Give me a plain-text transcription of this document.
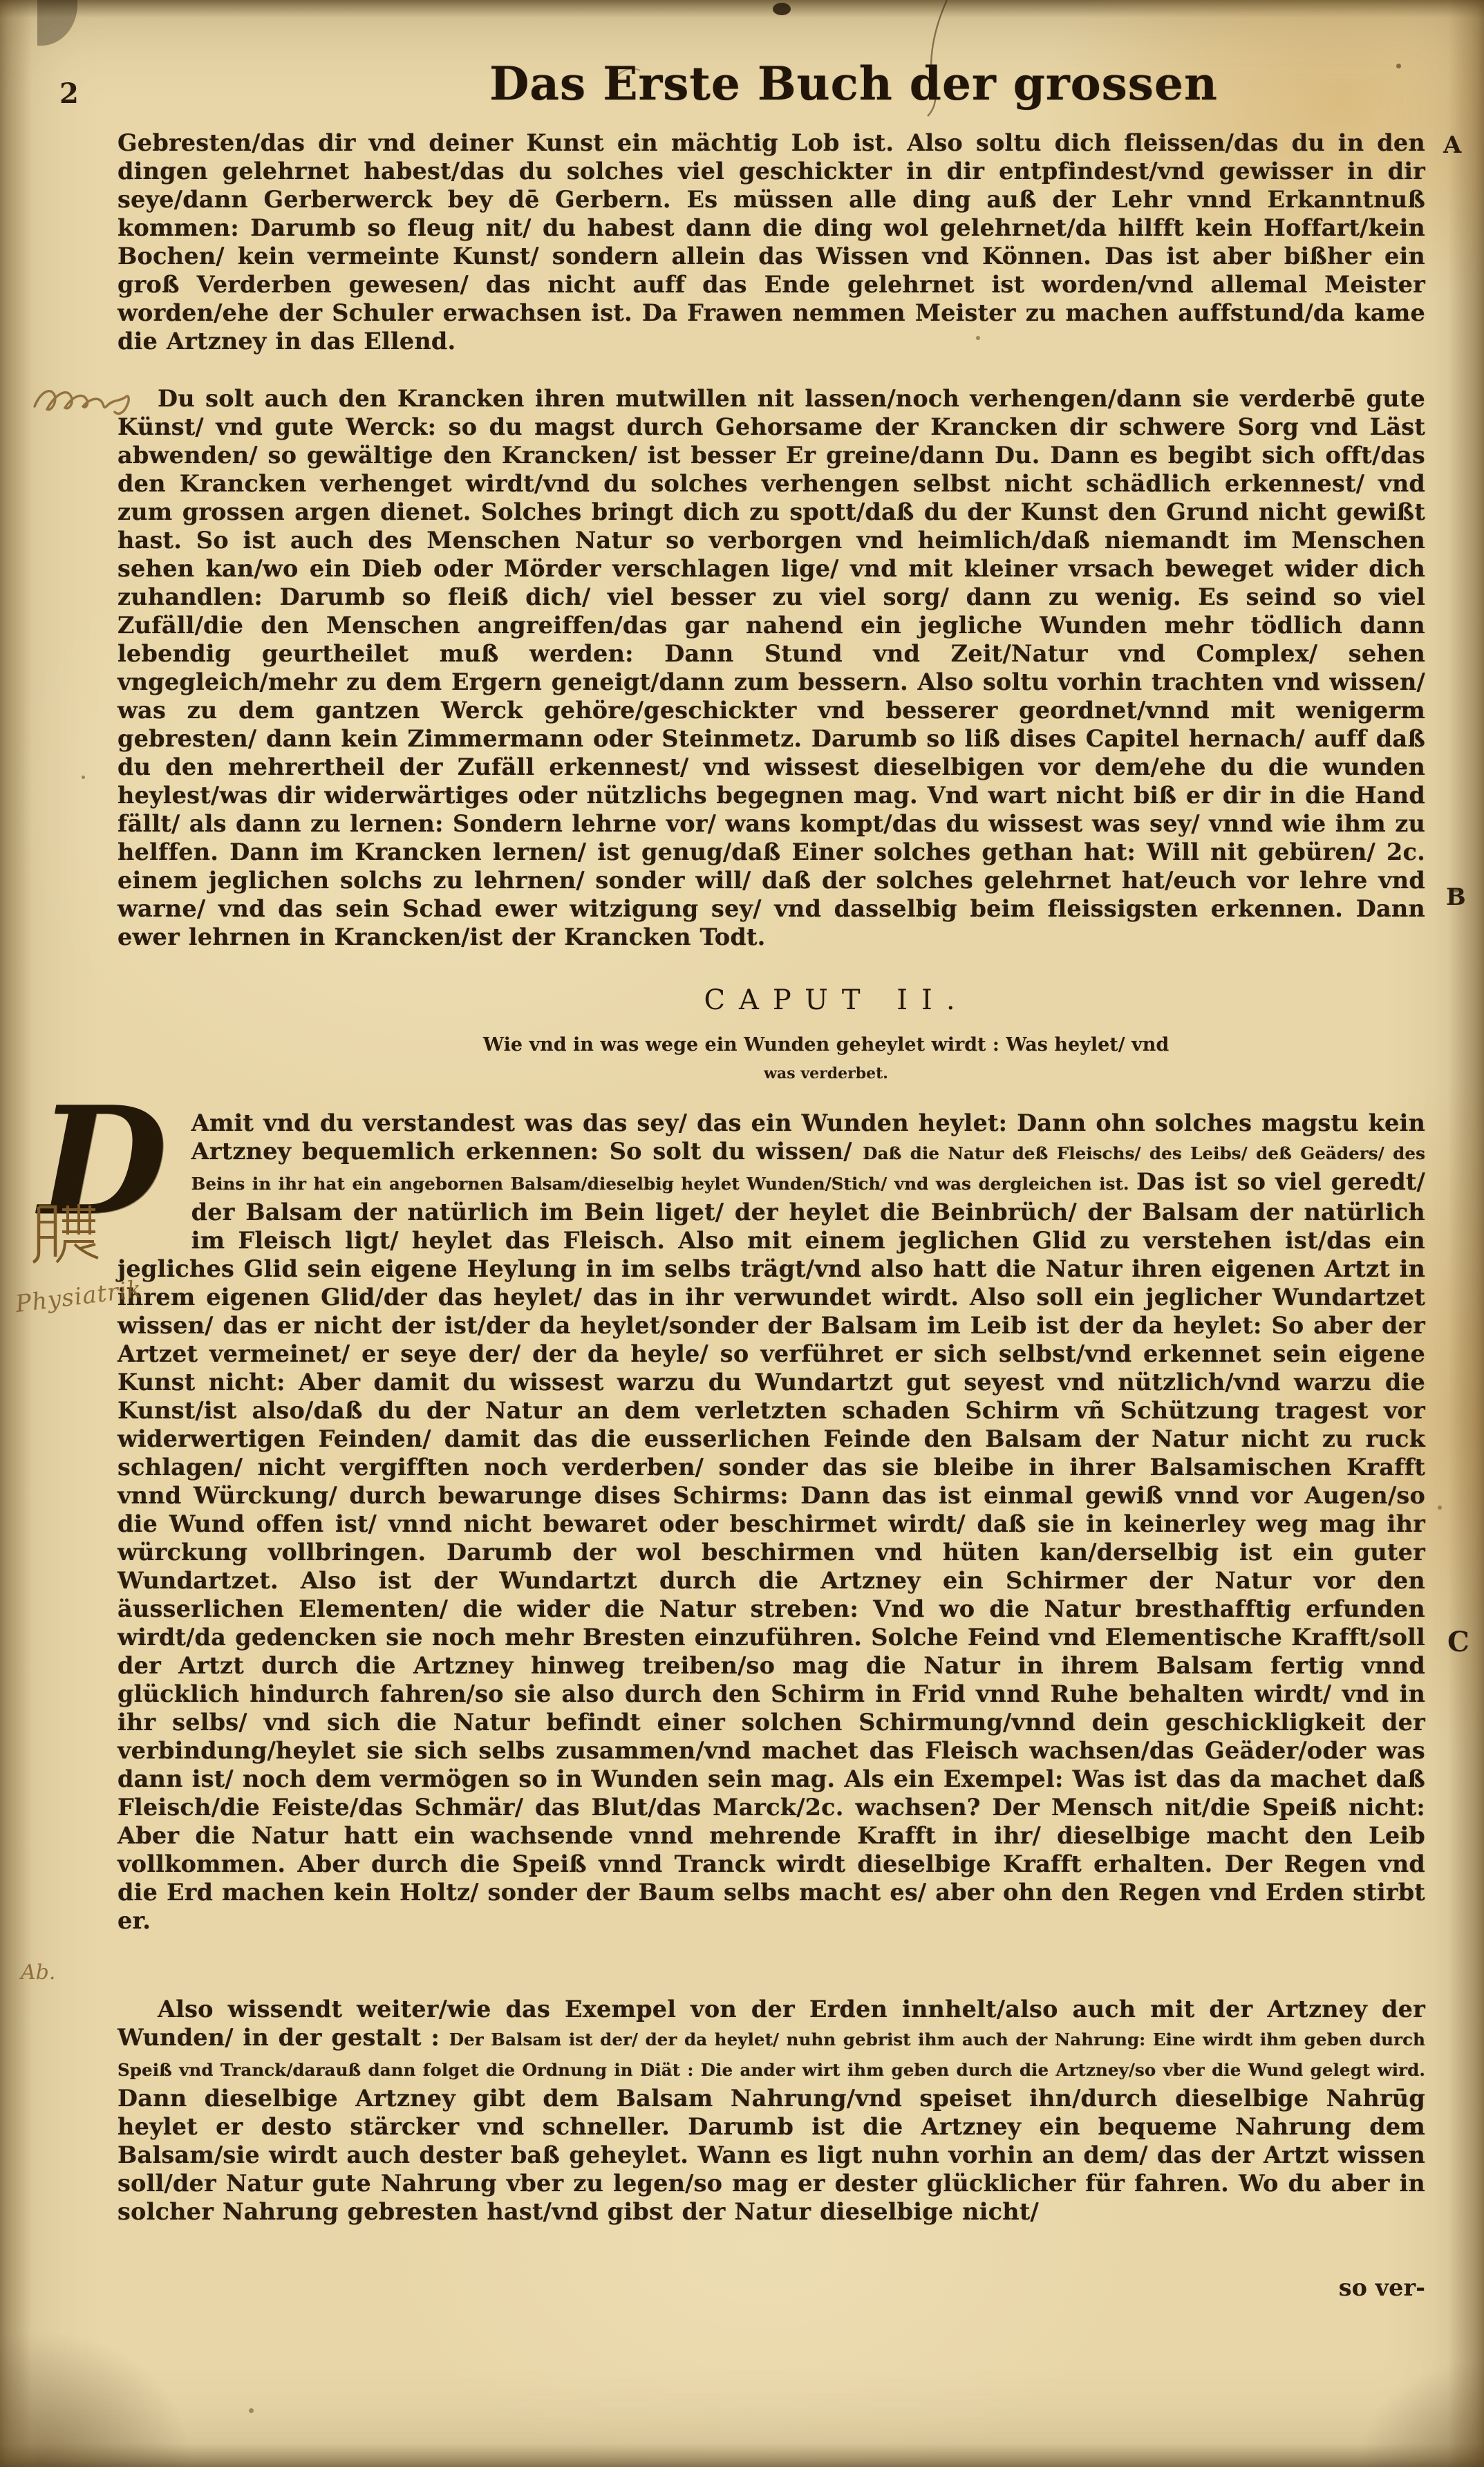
2	Das Erste Buch der grossen
Gebresten/das dir vnd deiner Kunst ein mächtig Lob ist. Also soltu dich fleissen/das du in den dingen gelehrnet habest/das du solches viel geschickter in dir entpfindest/vnd gewisser in dir seye/dann Gerberwerck bey dē Gerbern. Es müssen alle ding auß der Lehr vnnd Erkanntnuß kommen: Darumb so fleug nit/ du habest dann die ding wol gelehrnet/da hilfft kein Hoffart/kein Bochen/ kein vermeinte Kunst/ sondern allein das Wissen vnd Können. Das ist aber bißher ein groß Verderben gewesen/ das nicht auff das Ende gelehrnet ist worden/vnd allemal Meister worden/ehe der Schuler erwachsen ist. Da Frawen nemmen Meister zu machen auffstund/da kame die Artzney in das Ellend.
Du solt auch den Krancken ihren mutwillen nit lassen/noch verhengen/dann sie verderbē gute Künst/ vnd gute Werck: so du magst durch Gehorsame der Krancken dir schwere Sorg vnd Läst abwenden/ so gewältige den Krancken/ ist besser Er greine/dann Du. Dann es begibt sich offt/das den Krancken verhenget wirdt/vnd du solches verhengen selbst nicht schädlich erkennest/ vnd zum grossen argen dienet. Solches bringt dich zu spott/daß du der Kunst den Grund nicht gewißt hast. So ist auch des Menschen Natur so verborgen vnd heimlich/daß niemandt im Menschen sehen kan/wo ein Dieb oder Mörder verschlagen lige/ vnd mit kleiner vrsach beweget wider dich zuhandlen: Darumb so fleiß dich/ viel besser zu viel sorg/ dann zu wenig. Es seind so viel Zufäll/die den Menschen angreiffen/das gar nahend ein jegliche Wunden mehr tödlich dann lebendig geurtheilet muß werden: Dann Stund vnd Zeit/Natur vnd Complex/ sehen vngegleich/mehr zu dem Ergern geneigt/dann zum bessern. Also soltu vorhin trachten vnd wissen/ was zu dem gantzen Werck gehöre/geschickter vnd besserer geordnet/vnnd mit wenigerm gebresten/ dann kein Zimmermann oder Steinmetz. Darumb so liß dises Capitel hernach/ auff daß du den mehrertheil der Zufäll erkennest/ vnd wissest dieselbigen vor dem/ehe du die wunden heylest/was dir widerwärtiges oder nützlichs begegnen mag. Vnd wart nicht biß er dir in die Hand fällt/ als dann zu lernen: Sondern lehrne vor/ wans kompt/das du wissest was sey/ vnnd wie ihm zu helffen. Dann im Krancken lernen/ ist genug/daß Einer solches gethan hat: Will nit gebüren/ 2c. einem jeglichen solchs zu lehrnen/ sonder will/ daß der solches gelehrnet hat/euch vor lehre vnd warne/ vnd das sein Schad ewer witzigung sey/ vnd dasselbig beim fleissigsten erkennen. Dann ewer lehrnen in Krancken/ist der Krancken Todt.
CAPUT II.
Wie vnd in was wege ein Wunden geheylet wirdt : Was heylet/ vnd
was verderbet.
D Amit vnd du verstandest was das sey/ das ein Wunden heylet: Dann ohn solches magstu kein Artzney bequemlich erkennen: So solt du wissen/ Daß die Natur deß Fleischs/ des Leibs/ deß Geäders/ des Beins in ihr hat ein angebornen Balsam/dieselbig heylet Wunden/Stich/ vnd was dergleichen ist. Das ist so viel geredt/ der Balsam der natürlich im Bein liget/ der heylet die Beinbrüch/ der Balsam der natürlich im Fleisch ligt/ heylet das Fleisch. Also mit einem jeglichen Glid zu verstehen ist/das ein jegliches Glid sein eigene Heylung in im selbs trägt/vnd also hatt die Natur ihren eigenen Artzt in ihrem eigenen Glid/der das heylet/ das in ihr verwundet wirdt. Also soll ein jeglicher Wundartzet wissen/ das er nicht der ist/der da heylet/sonder der Balsam im Leib ist der da heylet: So aber der Artzet vermeinet/ er seye der/ der da heyle/ so verführet er sich selbst/vnd erkennet sein eigene Kunst nicht: Aber damit du wissest warzu du Wundartzt gut seyest vnd nützlich/vnd warzu die Kunst/ist also/daß du der Natur an dem verletzten schaden Schirm vñ Schützung tragest vor widerwertigen Feinden/ damit das die eusserlichen Feinde den Balsam der Natur nicht zu ruck schlagen/ nicht vergifften noch verderben/ sonder das sie bleibe in ihrer Balsamischen Krafft vnnd Würckung/ durch bewarunge dises Schirms: Dann das ist einmal gewiß vnnd vor Augen/so die Wund offen ist/ vnnd nicht bewaret oder beschirmet wirdt/ daß sie in keinerley weg mag ihr würckung vollbringen. Darumb der wol beschirmen vnd hüten kan/derselbig ist ein guter Wundartzet. Also ist der Wundartzt durch die Artzney ein Schirmer der Natur vor den äusserlichen Elementen/ die wider die Natur streben: Vnd wo die Natur bresthafftig erfunden wirdt/da gedencken sie noch mehr Bresten einzuführen. Solche Feind vnd Elementische Krafft/soll der Artzt durch die Artzney hinweg treiben/so mag die Natur in ihrem Balsam fertig vnnd glücklich hindurch fahren/so sie also durch den Schirm in Frid vnnd Ruhe behalten wirdt/ vnd in ihr selbs/ vnd sich die Natur befindt einer solchen Schirmung/vnnd dein geschickligkeit der verbindung/heylet sie sich selbs zusammen/vnd machet das Fleisch wachsen/das Geäder/oder was dann ist/ noch dem vermögen so in Wunden sein mag. Als ein Exempel: Was ist das da machet daß Fleisch/die Feiste/das Schmär/ das Blut/das Marck/2c. wachsen? Der Mensch nit/die Speiß nicht: Aber die Natur hatt ein wachsende vnnd mehrende Krafft in ihr/ dieselbige macht den Leib vollkommen. Aber durch die Speiß vnnd Tranck wirdt dieselbige Krafft erhalten. Der Regen vnd die Erd machen kein Holtz/ sonder der Baum selbs macht es/ aber ohn den Regen vnd Erden stirbt er.
Also wissendt weiter/wie das Exempel von der Erden innhelt/also auch mit der Artzney der Wunden/ in der gestalt : Der Balsam ist der/ der da heylet/ nuhn gebrist ihm auch der Nahrung: Eine wirdt ihm geben durch Speiß vnd Tranck/darauß dann folget die Ordnung in Diät : Die ander wirt ihm geben durch die Artzney/so vber die Wund gelegt wird. Dann dieselbige Artzney gibt dem Balsam Nahrung/vnd speiset ihn/durch dieselbige Nahrūg heylet er desto stärcker vnd schneller. Darumb ist die Artzney ein bequeme Nahrung dem Balsam/sie wirdt auch dester baß geheylet. Wann es ligt nuhn vorhin an dem/ das der Artzt wissen soll/der Natur gute Nahrung vber zu legen/so mag er dester glücklicher für fahren. Wo du aber in solcher Nahrung gebresten hast/vnd gibst der Natur dieselbige nicht/
so ver-
A
B
C
Physiatrik
Ab.
